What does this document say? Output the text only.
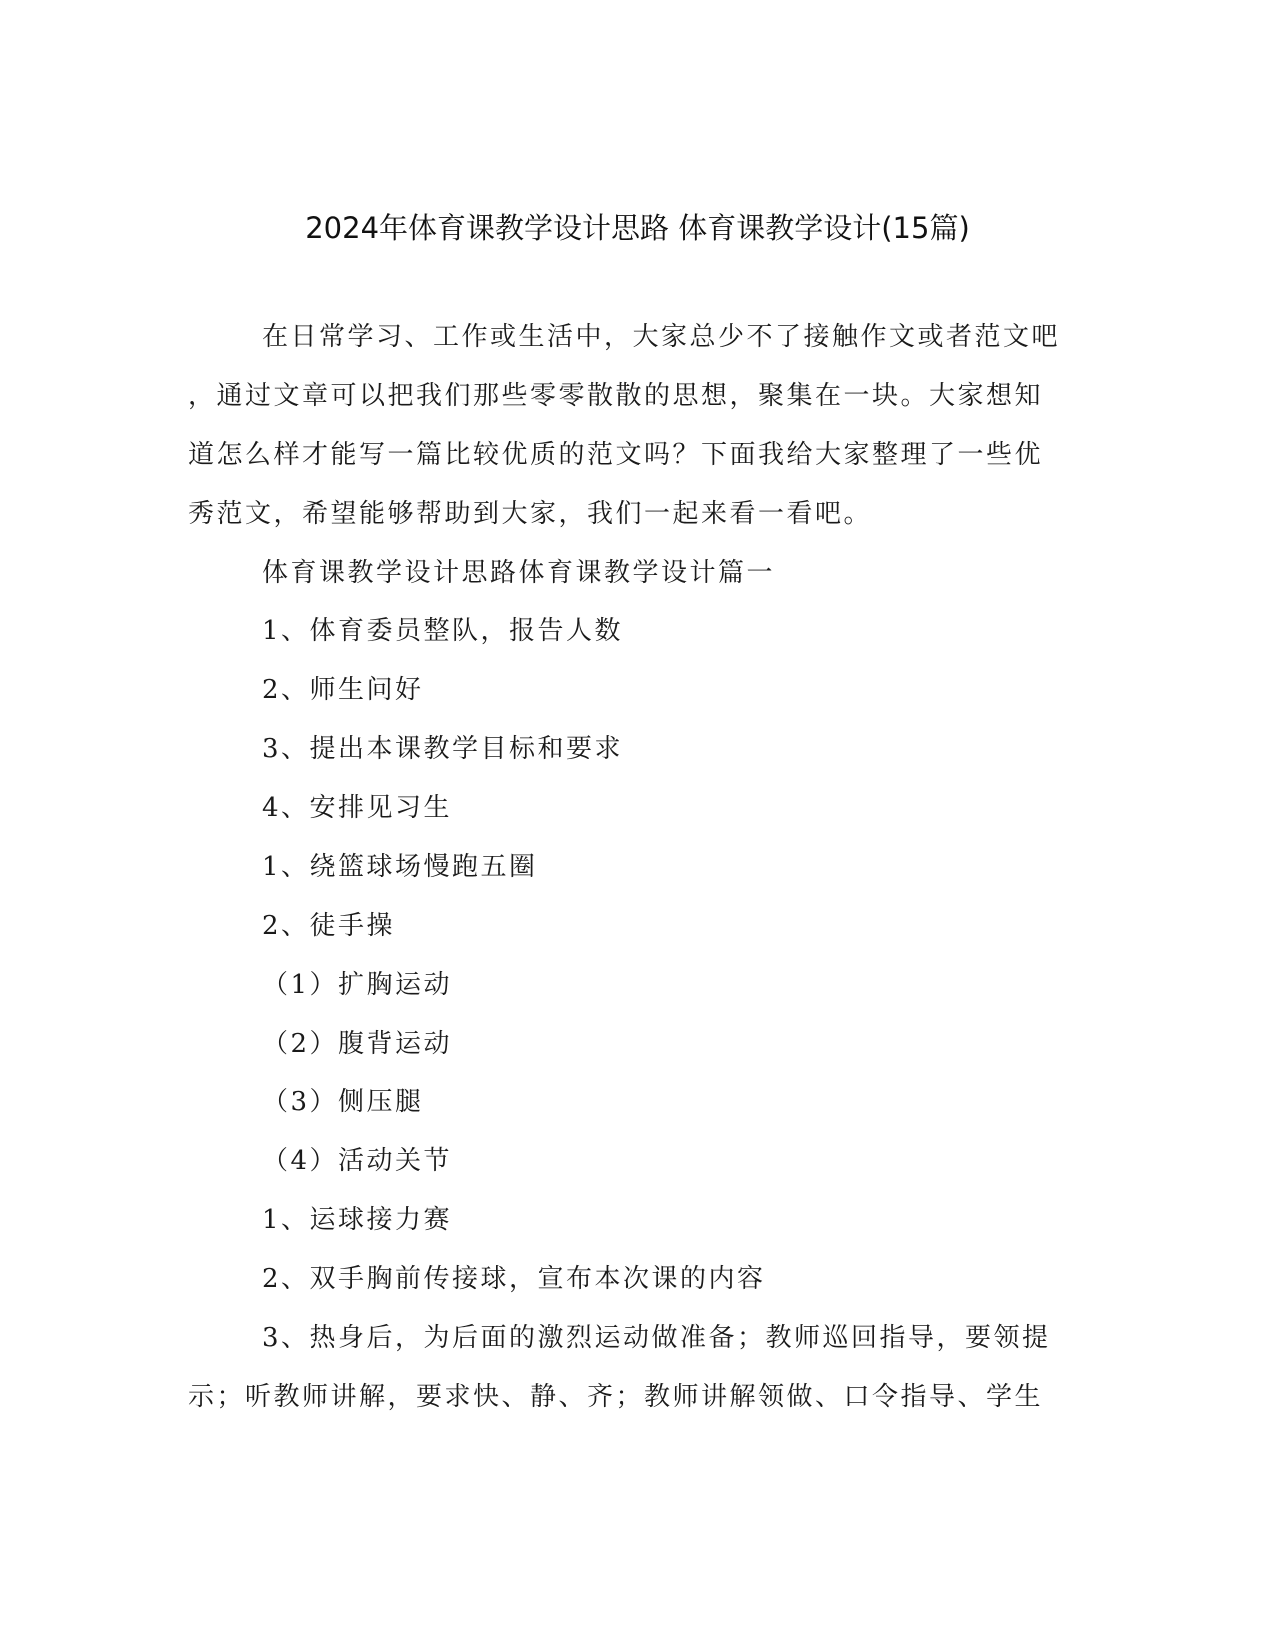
2024年体育课教学设计思路 体育课教学设计(15篇)
在日常学习、工作或生活中，大家总少不了接触作文或者范文吧
，通过文章可以把我们那些零零散散的思想，聚集在一块。大家想知
道怎么样才能写一篇比较优质的范文吗？下面我给大家整理了一些优
秀范文，希望能够帮助到大家，我们一起来看一看吧。
体育课教学设计思路体育课教学设计篇一
1、体育委员整队，报告人数
2、师生问好
3、提出本课教学目标和要求
4、安排见习生
1、绕篮球场慢跑五圈
2、徒手操
（1）扩胸运动
（2）腹背运动
（3）侧压腿
（4）活动关节
1、运球接力赛
2、双手胸前传接球，宣布本次课的内容
3、热身后，为后面的激烈运动做准备；教师巡回指导，要领提
示；听教师讲解，要求快、静、齐；教师讲解领做、口令指导、学生
